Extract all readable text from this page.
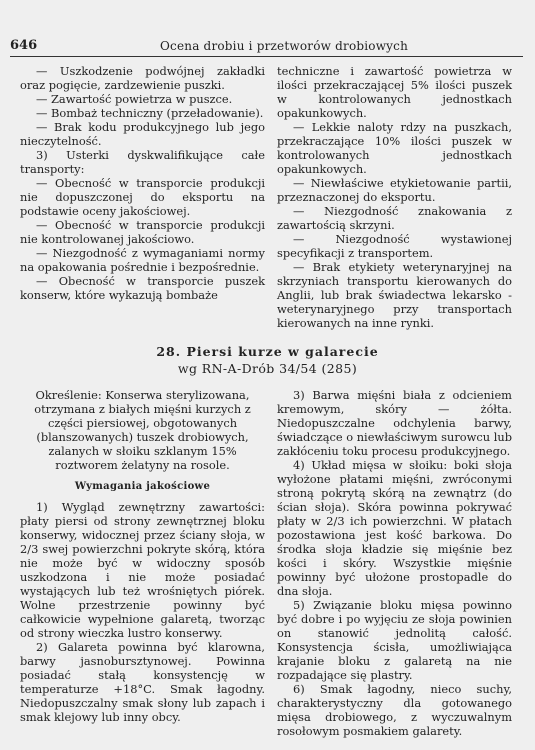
646	Ocena drobiu i przetworów drobiowych

— Uszkodzenie podwójnej zakładki oraz pogięcie, zardzewienie puszki.

— Zawartość powietrza w puszce.

— Bombaż techniczny (przeładowanie).

— Brak kodu produkcyjnego lub jego nieczytelność.

3) Usterki dyskwalifikujące całe transporty:

— Obecność w transporcie produkcji nie dopuszczonej do eksportu na podstawie oceny jakościowej.

— Obecność w transporcie produkcji nie kontrolowanej jakościowo.

— Niezgodność z wymaganiami normy na opakowania pośrednie i bezpośrednie.

— Obecność w transporcie puszek konserw, które wykazują bombaże

techniczne i zawartość powietrza w ilości przekraczającej 5% ilości puszek w kontrolowanych jednostkach opakunkowych.

— Lekkie naloty rdzy na puszkach, przekraczające 10% ilości puszek w kontrolowanych jednostkach opakunkowych.

— Niewłaściwe etykietowanie partii, przeznaczonej do eksportu.

— Niezgodność znakowania z zawartością skrzyni.

— Niezgodność wystawionej specyfikacji z transportem.

— Brak etykiety weterynaryjnej na skrzyniach transportu kierowanych do Anglii, lub brak świadectwa lekarsko - weterynaryjnego przy transportach kierowanych na inne rynki.

28. Piersi kurze w galarecie
wg RN-A-Drób 34/54 (285)

Określenie: Konserwa sterylizowana, otrzymana z białych mięśni kurzych z części piersiowej, obgotowanych (blanszowanych) tuszek drobiowych, zalanych w słoiku szklanym 15% roztworem żelatyny na rosole.

Wymagania jakościowe

1) Wygląd zewnętrzny zawartości: płaty piersi od strony zewnętrznej bloku konserwy, widocznej przez ściany słoja, w 2/3 swej powierzchni pokryte skórą, która nie może być w widoczny sposób uszkodzona i nie może posiadać wystających lub też wrośniętych piórek. Wolne przestrzenie powinny być całkowicie wypełnione galaretą, tworząc od strony wieczka lustro konserwy.

2) Galareta powinna być klarowna, barwy jasnobursztynowej. Powinna posiadać stałą konsystencję w temperaturze +18°C. Smak łagodny. Niedopuszczalny smak słony lub zapach i smak klejowy lub inny obcy.

3) Barwa mięśni biała z odcieniem kremowym, skóry — żółta. Niedopuszczalne odchylenia barwy, świadczące o niewłaściwym surowcu lub zakłóceniu toku procesu produkcyjnego.

4) Układ mięsa w słoiku: boki słoja wyłożone płatami mięśni, zwróconymi stroną pokrytą skórą na zewnątrz (do ścian słoja). Skóra powinna pokrywać płaty w 2/3 ich powierzchni. W płatach pozostawiona jest kość barkowa. Do środka słoja kładzie się mięśnie bez kości i skóry. Wszystkie mięśnie powinny być ułożone prostopadle do dna słoja.

5) Związanie bloku mięsa powinno być dobre i po wyjęciu ze słoja powinien on stanowić jednolitą całość. Konsystencja ścisła, umożliwiająca krajanie bloku z galaretą na nie rozpadające się plastry.

6) Smak łagodny, nieco suchy, charakterystyczny dla gotowanego mięsa drobiowego, z wyczuwalnym rosołowym posmakiem galarety.
